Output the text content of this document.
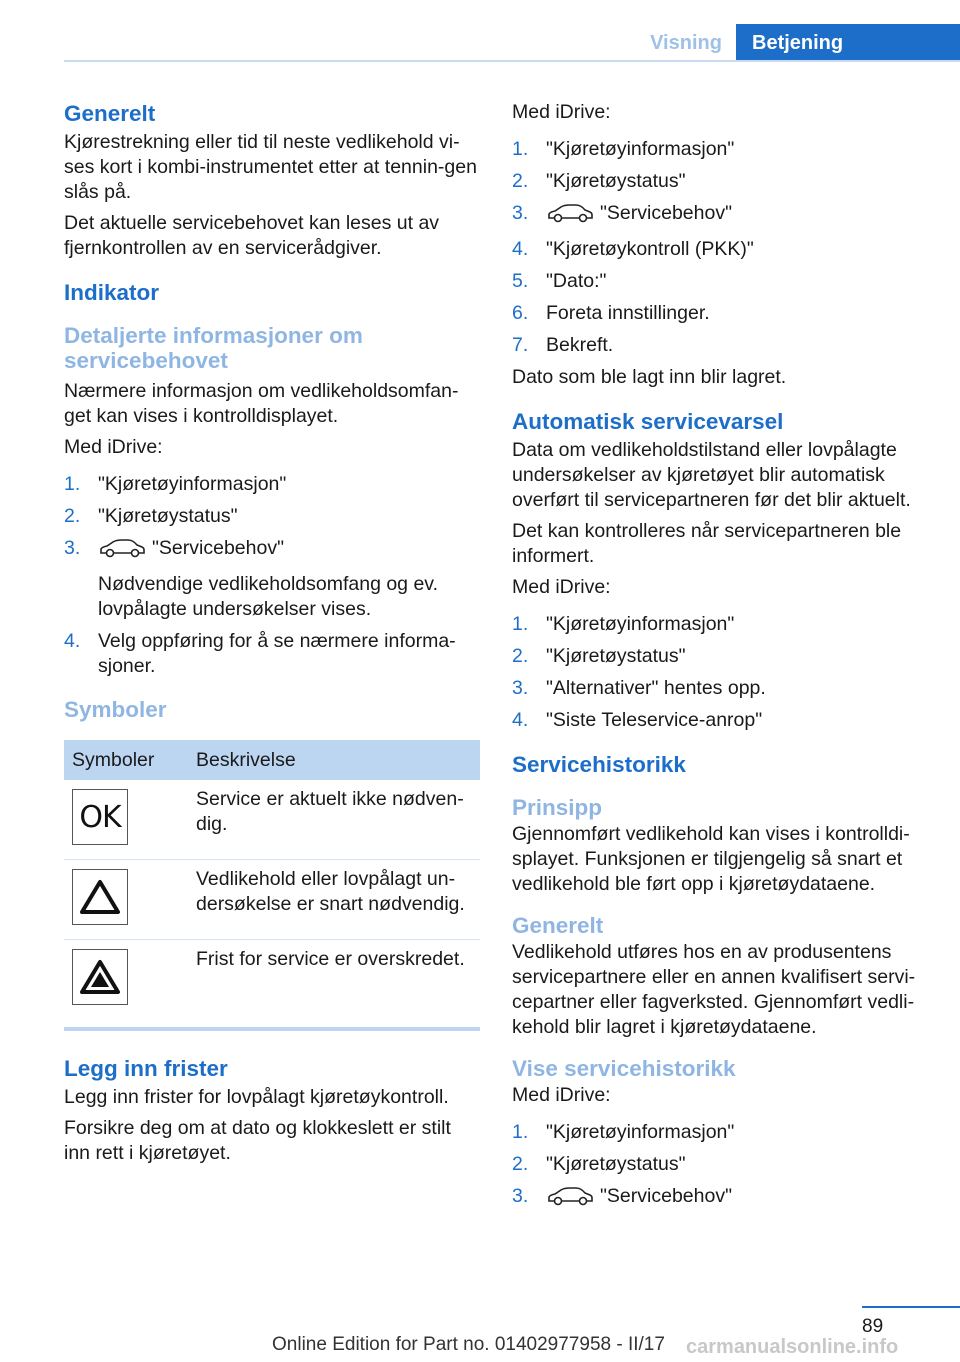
Visning	Betjening
Generelt

Kjørestrekning eller tid til neste vedlikehold vi-ses kort i kombi-instrumentet etter at tennin-gen slås på.

Det aktuelle servicebehovet kan leses ut av fjernkontrollen av en servicerådgiver.

Indikator
Detaljerte informasjoner om servicebehovet

Nærmere informasjon om vedlikeholdsomfan-get kan vises i kontrolldisplayet.

Med iDrive:

1. "Kjøretøyinformasjon"
2. "Kjøretøystatus"
3.	"Servicebehov"
Nødvendige vedlikeholdsomfang og ev. lovpålagte undersøkelser vises.
4. Velg oppføring for å se nærmere informa-sjoner.
Symboler
Symboler	Beskrivelse

OK	Service er aktuelt ikke nødven-dig.

	Vedlikehold eller lovpålagt un-dersøkelse er snart nødvendig.

	Frist for service er overskredet.
Legg inn frister

Legg inn frister for lovpålagt kjøretøykontroll.

Forsikre deg om at dato og klokkeslett er stilt inn rett i kjøretøyet.

Med iDrive:

1. "Kjøretøyinformasjon"
2. "Kjøretøystatus"
3.	"Servicebehov"
4. "Kjøretøykontroll (PKK)"
5. "Dato:"
6. Foreta innstillinger.
7. Bekreft.

Dato som ble lagt inn blir lagret.

Automatisk servicevarsel

Data om vedlikeholdstilstand eller lovpålagte undersøkelser av kjøretøyet blir automatisk overført til servicepartneren før det blir aktuelt.

Det kan kontrolleres når servicepartneren ble informert.

Med iDrive:

1. "Kjøretøyinformasjon"
2. "Kjøretøystatus"
3. "Alternativer" hentes opp.
4. "Siste Teleservice-anrop"
Servicehistorikk
Prinsipp

Gjennomført vedlikehold kan vises i kontrolldi-splayet. Funksjonen er tilgjengelig så snart et vedlikehold ble ført opp i kjøretøydataene.

Generelt

Vedlikehold utføres hos en av produsentens servicepartnere eller en annen kvalifisert servi-cepartner eller fagverksted. Gjennomført vedli-kehold blir lagret i kjøretøydataene.

Vise servicehistorikk

Med iDrive:

1. "Kjøretøyinformasjon"
2. "Kjøretøystatus"
3.	"Servicebehov"
89
Online Edition for Part no. 01402977958 - II/17 carmanualsonline.info
